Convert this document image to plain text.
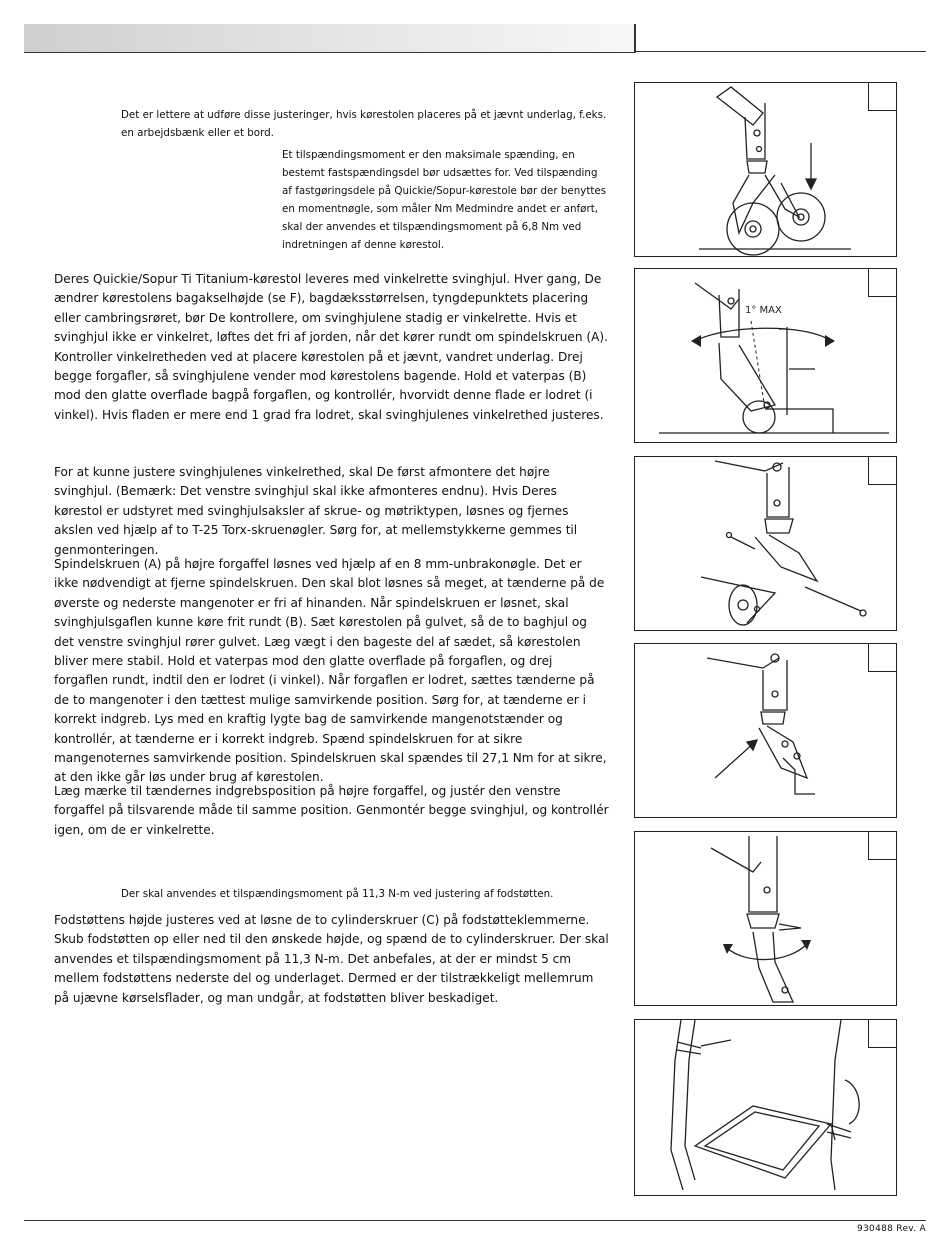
Det er lettere at udføre disse justeringer, hvis kørestolen placeres på et jævnt underlag, f.eks. en arbejdsbænk eller et bord.
Et tilspændingsmoment er den maksimale spænding, en bestemt fastspændingsdel bør udsættes for. Ved tilspænding af fastgøringsdele på Quickie/Sopur-kørestole bør der benyttes en momentnøgle, som måler Nm Medmindre andet er anført, skal der anvendes et tilspændingsmoment på 6,8 Nm ved indretningen af denne kørestol.

Deres Quickie/Sopur Ti Titanium-kørestol leveres med vinkelrette svinghjul. Hver gang, De ændrer kørestolens bagakselhøjde (se F), bagdæksstørrelsen, tyngdepunktets placering eller cambringsrøret, bør De kontrollere, om svinghjulene stadig er vinkelrette. Hvis et svinghjul ikke er vinkelret, løftes det fri af jorden, når det kører rundt om spindelskruen (A). Kontroller vinkelretheden ved at placere kørestolen på et jævnt, vandret underlag. Drej begge forgafler, så svinghjulene vender mod kørestolens bagende. Hold et vaterpas (B) mod den glatte overflade bagpå forgaflen, og kontrollér, hvorvidt denne flade er lodret (i vinkel). Hvis fladen er mere end 1 grad fra lodret, skal svinghjulenes vinkelrethed justeres.

For at kunne justere svinghjulenes vinkelrethed, skal De først afmontere det højre svinghjul. (Bemærk: Det venstre svinghjul skal ikke afmonteres endnu). Hvis Deres kørestol er udstyret med svinghjulsaksler af skrue- og møtriktypen, løsnes og fjernes akslen ved hjælp af to T-25 Torx-skruenøgler. Sørg for, at mellemstykkerne gemmes til genmonteringen.

Spindelskruen (A) på højre forgaffel løsnes ved hjælp af en 8 mm-unbrakonøgle. Det er ikke nødvendigt at fjerne spindelskruen. Den skal blot løsnes så meget, at tænderne på de øverste og nederste mangenoter er fri af hinanden. Når spindelskruen er løsnet, skal svinghjulsgaflen kunne køre frit rundt (B). Sæt kørestolen på gulvet, så de to baghjul og det venstre svinghjul rører gulvet. Læg vægt i den bageste del af sædet, så kørestolen bliver mere stabil. Hold et vaterpas mod den glatte overflade på forgaflen, og drej forgaflen rundt, indtil den er lodret (i vinkel). Når forgaflen er lodret, sættes tænderne på de to mangenoter i den tættest mulige samvirkende position. Sørg for, at tænderne er i korrekt indgreb. Lys med en kraftig lygte bag de samvirkende mangenotstænder og kontrollér, at tænderne er i korrekt indgreb. Spænd spindelskruen for at sikre mangenoternes samvirkende position. Spindelskruen skal spændes til 27,1 Nm for at sikre, at den ikke går løs under brug af kørestolen.

Læg mærke til tændernes indgrebsposition på højre forgaffel, og justér den venstre forgaffel på tilsvarende måde til samme position. Genmontér begge svinghjul, og kontrollér igen, om de er vinkelrette.

Der skal anvendes et tilspændingsmoment på 11,3 N-m ved justering af fodstøtten.

Fodstøttens højde justeres ved at løsne de to cylinderskruer (C) på fodstøtteklemmerne. Skub fodstøtten op eller ned til den ønskede højde, og spænd de to cylinderskruer. Der skal anvendes et tilspændingsmoment på 11,3 N-m. Det anbefales, at der er mindst 5 cm mellem fodstøttens nederste del og underlaget. Dermed er der tilstrækkeligt mellemrum på ujævne kørselsflader, og man undgår, at fodstøtten bliver beskadiget.

1° MAX
930488 Rev. A
